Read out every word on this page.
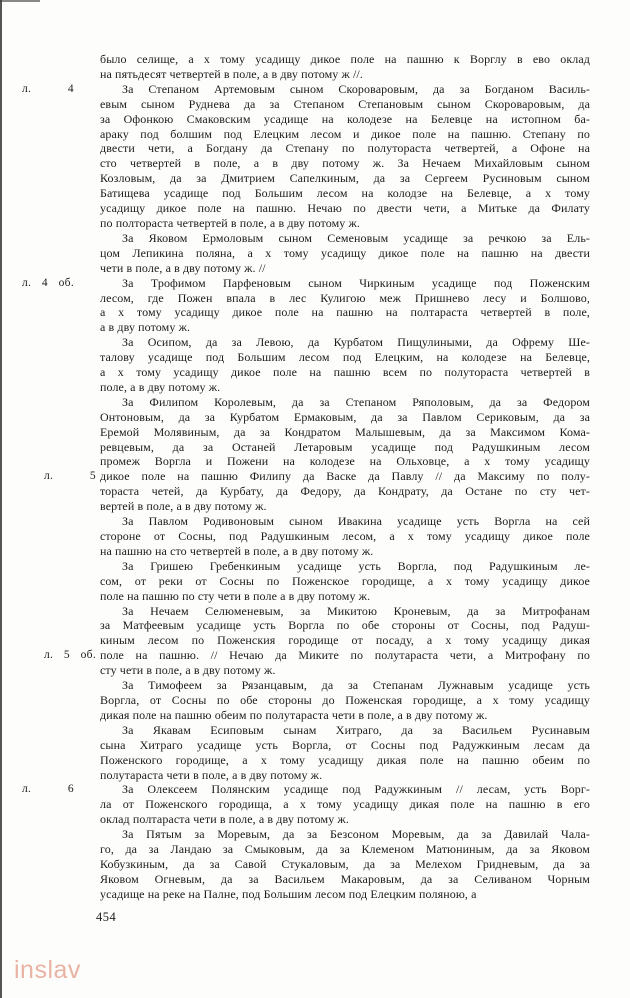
было селище, а х тому усадищу дикое поле на пашню к Ворглу в ево оклад
на пятьдесят четвертей в поле, а в дву потому ж //.
За Степаном Артемовым сыном Скороваровым, да за Богданом Василь-
л. 4
евым сыном Руднева да за Степаном Степановым сыном Скороваровым, да
за Офонкою Смаковским усадище на колодезе на Белевце на истопном ба-
араку под болшим под Елецким лесом и дикое поле на пашню. Степану по
двести чети, а Богдану да Степану по полутораста четвертей, а Офоне на
сто четвертей в поле, а в дву потому ж. За Нечаем Михайловым сыном
Козловым, да за Дмитрием Сапелкиным, да за Сергеем Русиновым сыном
Батищева усадище под Большим лесом на колодзе на Белевце, а х тому
усадищу дикое поле на пашню. Нечаю по двести чети, а Митьке да Филату
по полтораста четвертей в поле, а в дву потому ж.
За Яковом Ермоловым сыном Семеновым усадище за речкою за Ель-
цом Лепикина поляна, а х тому усадищу дикое поле на пашню на двести
чети в поле, а в дву потому ж. //
За Трофимом Парфеновым сыном Чиркиным усадище под Поженским
л. 4 об.
лесом, где Пожен впала в лес Кулигою меж Пришнево лесу и Болшово,
а х тому усадищу дикое поле на пашню на полтараста четвертей в поле,
а в дву потому ж.
За Осипом, да за Левою, да Курбатом Пищулиными, да Офрему Ше-
талову усадище под Большим лесом под Елецким, на колодезе на Белевце,
а х тому усадищу дикое поле на пашню всем по полутораста четвертей в
поле, а в дву потому ж.
За Филипом Королевым, да за Степаном Ряполовым, да за Федором
Онтоновым, да за Курбатом Ермаковым, да за Павлом Сериковым, да за
Еремой Молявиным, да за Кондратом Малышевым, да за Максимом Кома-
ревцевым, да за Останей Летаровым усадище под Радушкиным лесом
промеж Воргла и Пожени на колодезе на Ольховце, а х тому усадищу
дикое поле на пашню Филипу да Васке да Павлу // да Максиму по полу-
л. 5
тораста четей, да Курбату, да Федору, да Кондрату, да Остане по сту чет-
вертей в поле, а в дву потому ж.
За Павлом Родивоновым сыном Ивакина усадище усть Воргла на сей
стороне от Сосны, под Радушкиным лесом, а х тому усадищу дикое поле
на пашню на сто четвертей в поле, а в дву потому ж.
За Гришею Гребенкиным усадище усть Воргла, под Радушкиным ле-
сом, от реки от Сосны по Поженское городище, а х тому усадищу дикое
поле на пашню по сту чети в поле а в дву потому ж.
За Нечаем Селюменевым, за Микитою Кроневым, да за Митрофанам
за Матфеевым усадище усть Воргла по обе стороны от Сосны, под Радуш-
киным лесом по Поженския городище от посаду, а х тому усадищу дикая
поле на пашню. // Нечаю да Миките по полутараста чети, а Митрофану по
л. 5 об.
сту чети в поле, а в дву потому ж.
За Тимофеем за Рязанцавым, да за Степанам Лужнавым усадище усть
Воргла, от Сосны по обе стороны до Поженская городище, а х тому усадищу
дикая поле на пашню обеим по полутараста чети в поле, а в дву потому ж.
За Якавам Есиповым сынам Хитраго, да за Васильем Русинавым
сына Хитраго усадище усть Воргла, от Сосны под Радужкиным лесам да
Поженского городище, а х тому усадищу дикая поле на пашню обеим по
полутараста чети в поле, а в дву потому ж.
За Олексеем Полянским усадище под Радужкиным // лесам, усть Ворг-
л. 6
ла от Поженского городища, а х тому усадищу дикая поле на пашню в его
оклад полтараста чети в поле, а в дву потому ж.
За Пятым за Моревым, да за Безсоном Моревым, да за Давилай Чала-
го, да за Ландаю за Смыковым, да за Клеменом Матюниным, да за Яковом
Кобузкиным, да за Савой Стукаловым, да за Мелехом Гридневым, да за
Яковом Огневым, да за Васильем Макаровым, да за Селиваном Чорным
усадище на реке на Палне, под Большим лесом под Елецким поляною, а
454
inslav
